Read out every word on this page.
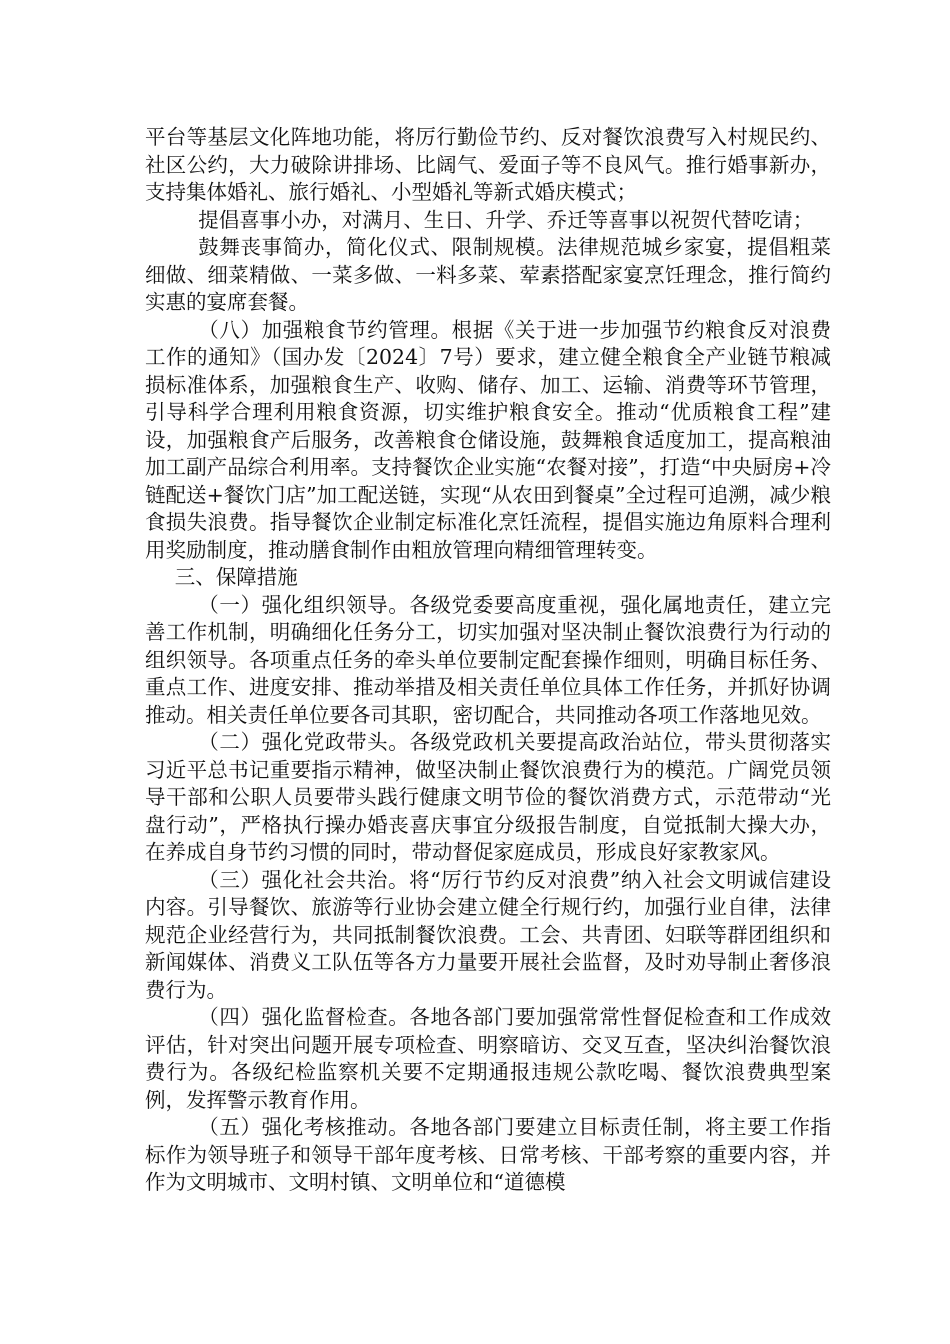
平台等基层文化阵地功能，将厉行勤俭节约、反对餐饮浪费写入村规民约、社区公约，大力破除讲排场、比阔气、爱面子等不良风气。推行婚事新办，支持集体婚礼、旅行婚礼、小型婚礼等新式婚庆模式；

提倡喜事小办，对满月、生日、升学、乔迁等喜事以祝贺代替吃请；

鼓舞丧事简办，简化仪式、限制规模。法律规范城乡家宴，提倡粗菜细做、细菜精做、一菜多做、一料多菜、荤素搭配家宴烹饪理念，推行简约实惠的宴席套餐。

（八）加强粮食节约管理。根据《关于进一步加强节约粮食反对浪费工作的通知》（国办发〔2024〕7号）要求，建立健全粮食全产业链节粮减损标准体系，加强粮食生产、收购、储存、加工、运输、消费等环节管理，引导科学合理利用粮食资源，切实维护粮食安全。推动“优质粮食工程”建设，加强粮食产后服务，改善粮食仓储设施，鼓舞粮食适度加工，提高粮油加工副产品综合利用率。支持餐饮企业实施“农餐对接”，打造“中央厨房+冷链配送+餐饮门店”加工配送链，实现“从农田到餐桌”全过程可追溯，减少粮食损失浪费。指导餐饮企业制定标准化烹饪流程，提倡实施边角原料合理利用奖励制度，推动膳食制作由粗放管理向精细管理转变。

三、保障措施

（一）强化组织领导。各级党委要高度重视，强化属地责任，建立完善工作机制，明确细化任务分工，切实加强对坚决制止餐饮浪费行为行动的组织领导。各项重点任务的牵头单位要制定配套操作细则，明确目标任务、重点工作、进度安排、推动举措及相关责任单位具体工作任务，并抓好协调推动。相关责任单位要各司其职，密切配合，共同推动各项工作落地见效。

（二）强化党政带头。各级党政机关要提高政治站位，带头贯彻落实习近平总书记重要指示精神，做坚决制止餐饮浪费行为的模范。广阔党员领导干部和公职人员要带头践行健康文明节俭的餐饮消费方式，示范带动“光盘行动”，严格执行操办婚丧喜庆事宜分级报告制度，自觉抵制大操大办，在养成自身节约习惯的同时，带动督促家庭成员，形成良好家教家风。

（三）强化社会共治。将“厉行节约反对浪费”纳入社会文明诚信建设内容。引导餐饮、旅游等行业协会建立健全行规行约，加强行业自律，法律规范企业经营行为，共同抵制餐饮浪费。工会、共青团、妇联等群团组织和新闻媒体、消费义工队伍等各方力量要开展社会监督，及时劝导制止奢侈浪费行为。

（四）强化监督检查。各地各部门要加强常常性督促检查和工作成效评估，针对突出问题开展专项检查、明察暗访、交叉互查，坚决纠治餐饮浪费行为。各级纪检监察机关要不定期通报违规公款吃喝、餐饮浪费典型案例，发挥警示教育作用。

（五）强化考核推动。各地各部门要建立目标责任制，将主要工作指标作为领导班子和领导干部年度考核、日常考核、干部考察的重要内容，并作为文明城市、文明村镇、文明单位和“道德模
